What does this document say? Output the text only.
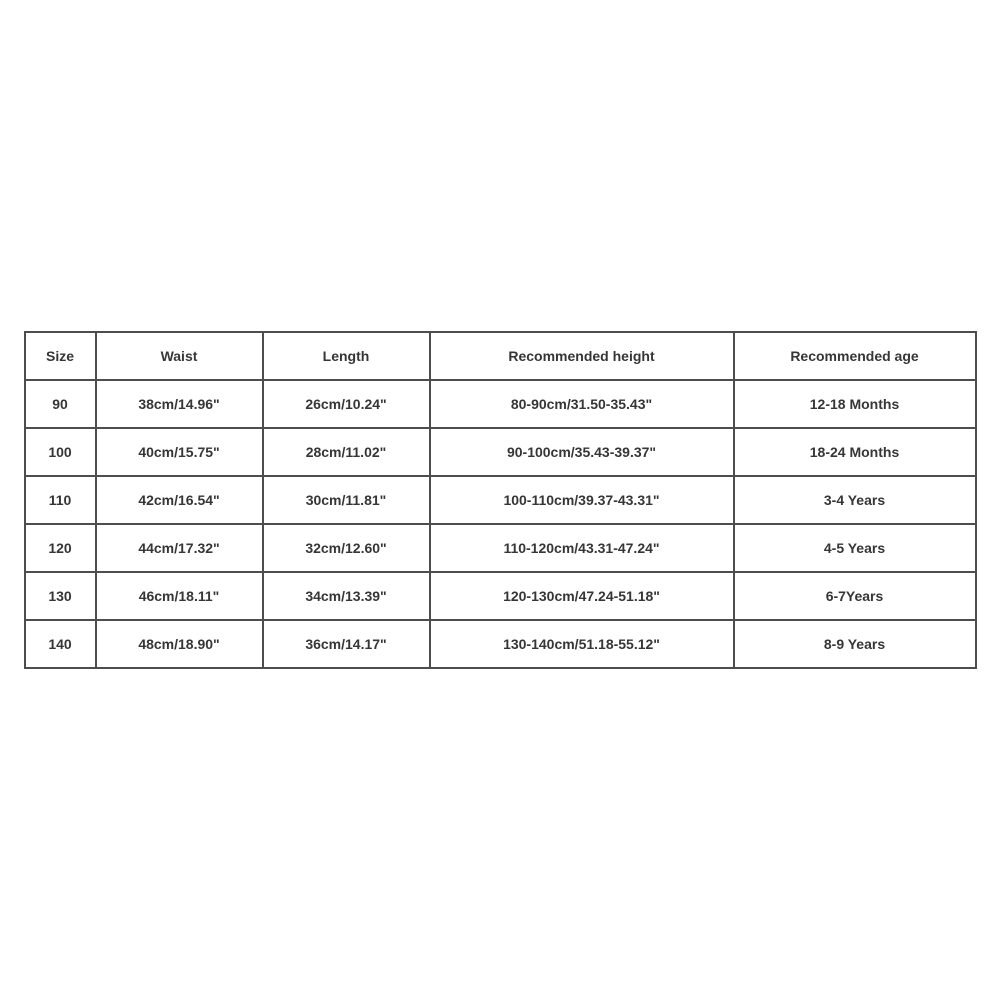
Size	Waist	Length	Recommended height	Recommended age
90	38cm/14.96"	26cm/10.24"	80-90cm/31.50-35.43"	12-18 Months
100	40cm/15.75"	28cm/11.02"	90-100cm/35.43-39.37"	18-24 Months
110	42cm/16.54"	30cm/11.81"	100-110cm/39.37-43.31"	3-4 Years
120	44cm/17.32"	32cm/12.60"	110-120cm/43.31-47.24"	4-5 Years
130	46cm/18.11"	34cm/13.39"	120-130cm/47.24-51.18"	6-7Years
140	48cm/18.90"	36cm/14.17"	130-140cm/51.18-55.12"	8-9 Years
